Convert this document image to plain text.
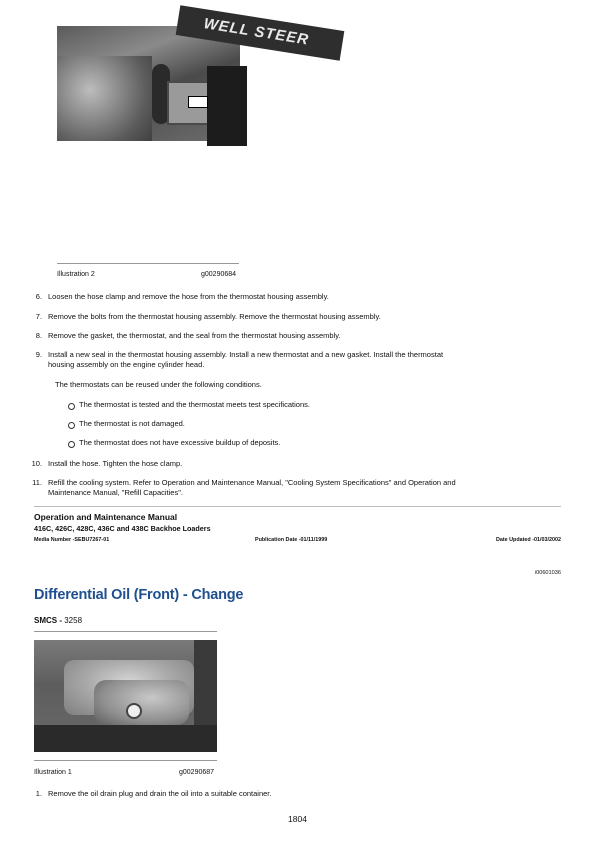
WELL STEER
Illustration 2	g00290684
6. Loosen the hose clamp and remove the hose from the thermostat housing assembly.
7. Remove the bolts from the thermostat housing assembly. Remove the thermostat housing assembly.
8. Remove the gasket, the thermostat, and the seal from the thermostat housing assembly.
9. Install a new seal in the thermostat housing assembly. Install a new thermostat and a new gasket. Install the thermostat
housing assembly on the engine cylinder head.
The thermostats can be reused under the following conditions.
The thermostat is tested and the thermostat meets test specifications.
The thermostat is not damaged.
The thermostat does not have excessive buildup of deposits.
10. Install the hose. Tighten the hose clamp.
11. Refill the cooling system. Refer to Operation and Maintenance Manual, "Cooling System Specifications" and Operation and
Maintenance Manual, "Refill Capacities".
Operation and Maintenance Manual
416C, 426C, 428C, 436C and 438C Backhoe Loaders
Media Number -SEBU7267-01	Publication Date -01/11/1999	Date Updated -01/03/2002
i00601036
Differential Oil (Front) - Change
SMCS - 3258
Illustration 1	g00290687
1. Remove the oil drain plug and drain the oil into a suitable container.
1804
